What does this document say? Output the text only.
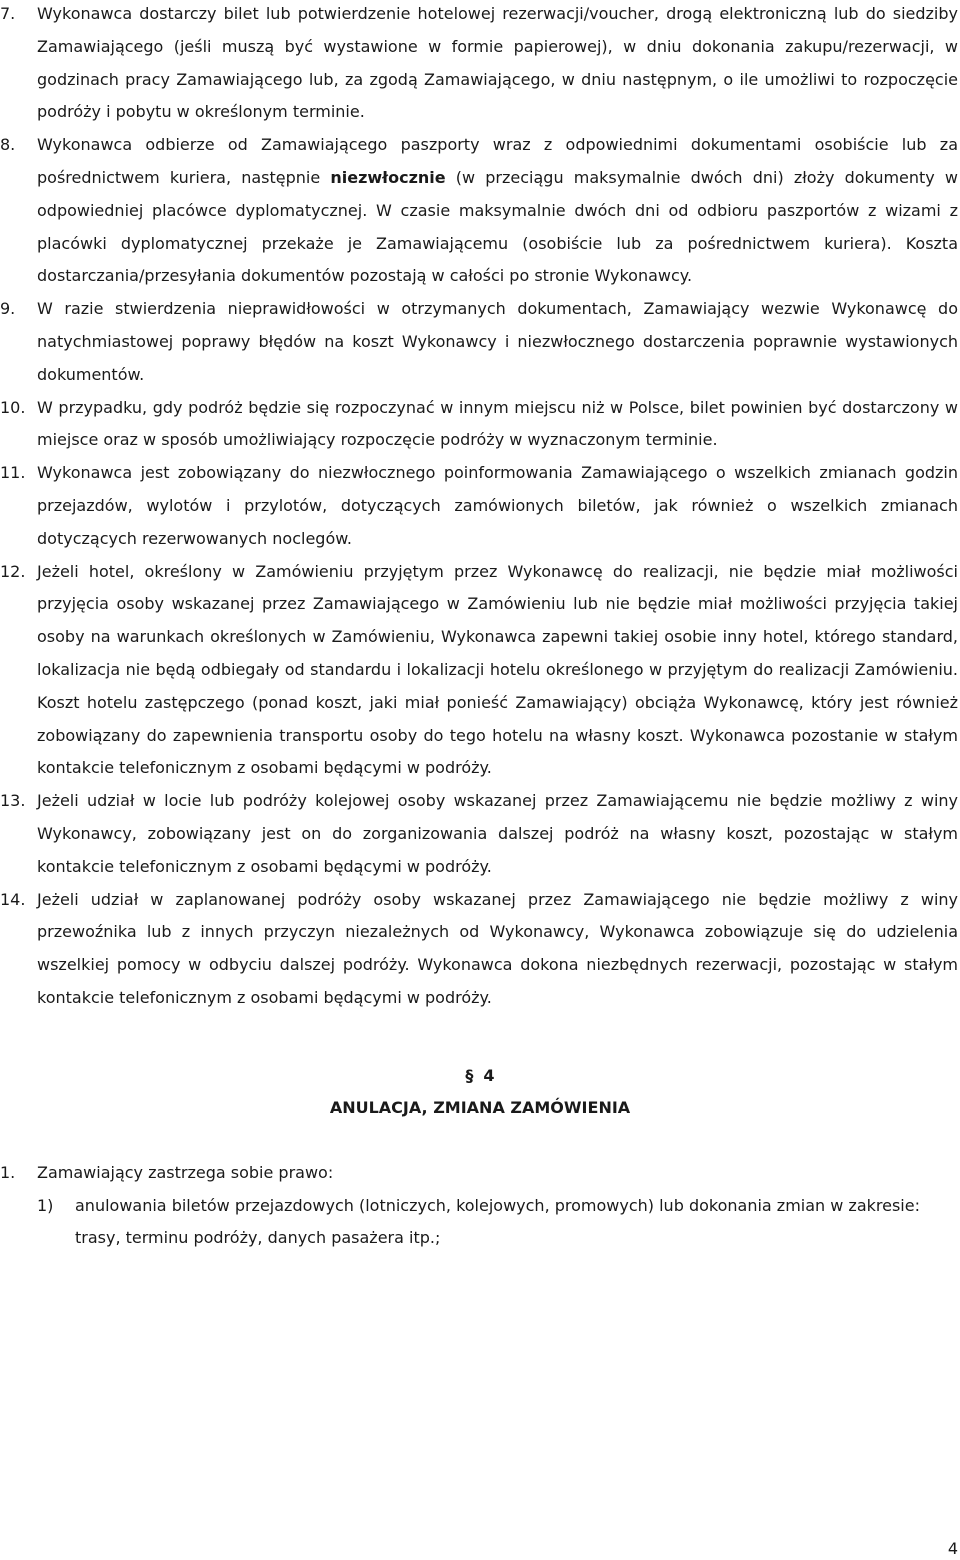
7. Wykonawca dostarczy bilet lub potwierdzenie hotelowej rezerwacji/voucher, drogą elektroniczną lub do siedziby Zamawiającego (jeśli muszą być wystawione w formie papierowej), w dniu dokonania zakupu/rezerwacji, w godzinach pracy Zamawiającego lub, za zgodą Zamawiającego, w dniu następnym, o ile umożliwi to rozpoczęcie podróży i pobytu w określonym terminie.
8. Wykonawca odbierze od Zamawiającego paszporty wraz z odpowiednimi dokumentami osobiście lub za pośrednictwem kuriera, następnie niezwłocznie (w przeciągu maksymalnie dwóch dni) złoży dokumenty w odpowiedniej placówce dyplomatycznej. W czasie maksymalnie dwóch dni od odbioru paszportów z wizami z placówki dyplomatycznej przekaże je Zamawiającemu (osobiście lub za pośrednictwem kuriera). Koszta dostarczania/przesyłania dokumentów pozostają w całości po stronie Wykonawcy.
9. W razie stwierdzenia nieprawidłowości w otrzymanych dokumentach, Zamawiający wezwie Wykonawcę do natychmiastowej poprawy błędów na koszt Wykonawcy i niezwłocznego dostarczenia poprawnie wystawionych dokumentów.
10. W przypadku, gdy podróż będzie się rozpoczynać w innym miejscu niż w Polsce, bilet powinien być dostarczony w miejsce oraz w sposób umożliwiający rozpoczęcie podróży w wyznaczonym terminie.
11. Wykonawca jest zobowiązany do niezwłocznego poinformowania Zamawiającego o wszelkich zmianach godzin przejazdów, wylotów i przylotów, dotyczących zamówionych biletów, jak również o wszelkich zmianach dotyczących rezerwowanych noclegów.
12. Jeżeli hotel, określony w Zamówieniu przyjętym przez Wykonawcę do realizacji, nie będzie miał możliwości przyjęcia osoby wskazanej przez Zamawiającego w Zamówieniu lub nie będzie miał możliwości przyjęcia takiej osoby na warunkach określonych w Zamówieniu, Wykonawca zapewni takiej osobie inny hotel, którego standard, lokalizacja nie będą odbiegały od standardu i lokalizacji hotelu określonego w przyjętym do realizacji Zamówieniu. Koszt hotelu zastępczego (ponad koszt, jaki miał ponieść Zamawiający) obciąża Wykonawcę, który jest również zobowiązany do zapewnienia transportu osoby do tego hotelu na własny koszt. Wykonawca pozostanie w stałym kontakcie telefonicznym z osobami będącymi w podróży.
13. Jeżeli udział w locie lub podróży kolejowej osoby wskazanej przez Zamawiającemu nie będzie możliwy z winy Wykonawcy, zobowiązany jest on do zorganizowania dalszej podróż na własny koszt, pozostając w stałym kontakcie telefonicznym z osobami będącymi w podróży.
14. Jeżeli udział w zaplanowanej podróży osoby wskazanej przez Zamawiającego nie będzie możliwy z winy przewoźnika lub z innych przyczyn niezależnych od Wykonawcy, Wykonawca zobowiązuje się do udzielenia wszelkiej pomocy w odbyciu dalszej podróży. Wykonawca dokona niezbędnych rezerwacji, pozostając w stałym kontakcie telefonicznym z osobami będącymi w podróży.
§ 4
ANULACJA, ZMIANA ZAMÓWIENIA
1. Zamawiający zastrzega sobie prawo:
1) anulowania biletów przejazdowych (lotniczych, kolejowych, promowych) lub dokonania zmian w zakresie: trasy, terminu podróży, danych pasażera itp.;
4
